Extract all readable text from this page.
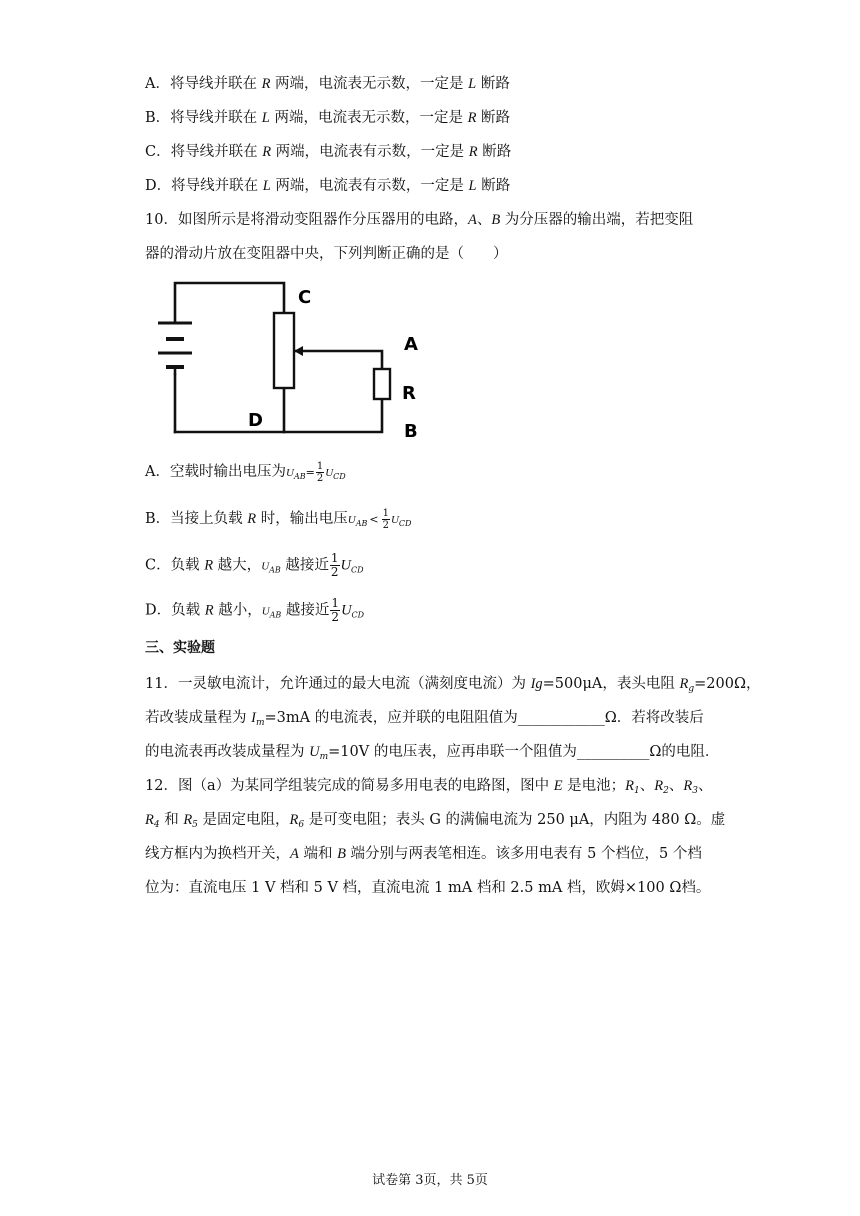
A．将导线并联在 R 两端，电流表无示数，一定是 L 断路
B．将导线并联在 L 两端，电流表无示数，一定是 R 断路
C．将导线并联在 R 两端，电流表有示数，一定是 R 断路
D．将导线并联在 L 两端，电流表有示数，一定是 L 断路
10．如图所示是将滑动变阻器作分压器用的电路，A、B 为分压器的输出端，若把变阻
器的滑动片放在变阻器中央，下列判断正确的是（　　）
C
A
R
D
B
A．空载时输出电压为$U_{AB}= \frac{1}{2} U_{CD}$
B．当接上负载 R 时，输出电压$U_{AB} < \frac{1}{2} U_{CD}$
C．负载 R 越大，$U_{AB}$ 越接近 $\frac{1}{2} U_{CD}$
D．负载 R 越小，$U_{AB}$ 越接近 $\frac{1}{2} U_{CD}$
三、实验题
11．一灵敏电流计，允许通过的最大电流（满刻度电流）为 Ig=500μA，表头电阻 $R_g=200\Omega$，
若改装成量程为 $I_m=3mA$ 的电流表，应并联的电阻阻值为____________Ω．若将改装后
的电流表再改装成量程为 $U_m=10V$ 的电压表，应再串联一个阻值为__________Ω的电阻．
12．图（a）为某同学组装完成的简易多用电表的电路图，图中 E 是电池；$R_1$、$R_2$、$R_3$、
$R_4$ 和 $R_5$ 是固定电阻，$R_6$ 是可变电阻；表头 G 的满偏电流为 250 μA，内阻为 480 Ω。虚
线方框内为换档开关，A 端和 B 端分别与两表笔相连。该多用电表有 5 个档位，5 个档
位为：直流电压 1 V 档和 5 V 档，直流电流 1 mA 档和 2.5 mA 档，欧姆×100 Ω档。
试卷第 3页，共 5页
